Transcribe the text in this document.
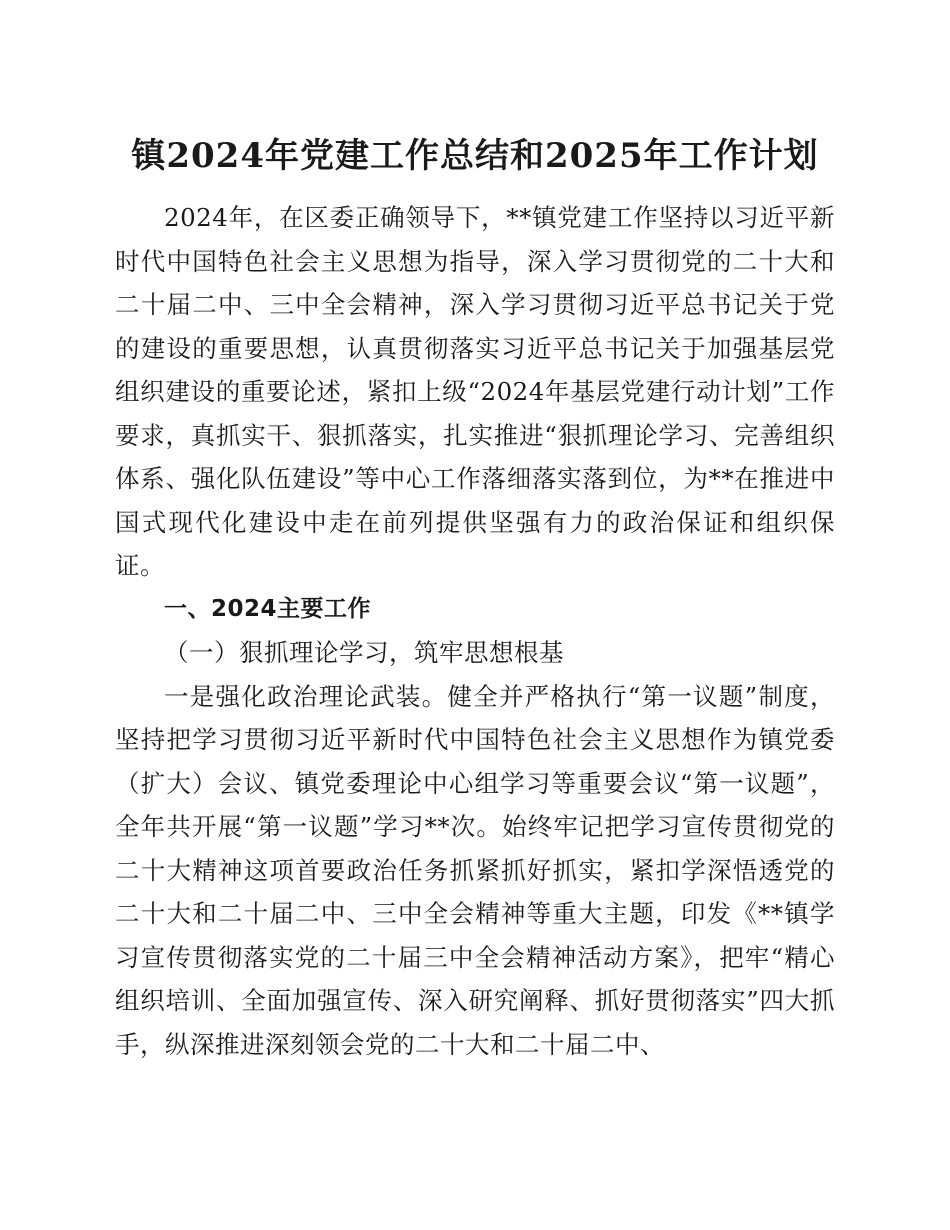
镇2024年党建工作总结和2025年工作计划

2024年，在区委正确领导下，**镇党建工作坚持以习近平新时代中国特色社会主义思想为指导，深入学习贯彻党的二十大和二十届二中、三中全会精神，深入学习贯彻习近平总书记关于党的建设的重要思想，认真贯彻落实习近平总书记关于加强基层党组织建设的重要论述，紧扣上级“2024年基层党建行动计划”工作要求，真抓实干、狠抓落实，扎实推进“狠抓理论学习、完善组织体系、强化队伍建设”等中心工作落细落实落到位，为**在推进中国式现代化建设中走在前列提供坚强有力的政治保证和组织保证。

一、2024主要工作

（一）狠抓理论学习，筑牢思想根基

一是强化政治理论武装。健全并严格执行“第一议题”制度，坚持把学习贯彻习近平新时代中国特色社会主义思想作为镇党委（扩大）会议、镇党委理论中心组学习等重要会议“第一议题”，全年共开展“第一议题”学习**次。始终牢记把学习宣传贯彻党的二十大精神这项首要政治任务抓紧抓好抓实，紧扣学深悟透党的二十大和二十届二中、三中全会精神等重大主题，印发《**镇学习宣传贯彻落实党的二十届三中全会精神活动方案》，把牢“精心组织培训、全面加强宣传、深入研究阐释、抓好贯彻落实”四大抓手，纵深推进深刻领会党的二十大和二十届二中、
